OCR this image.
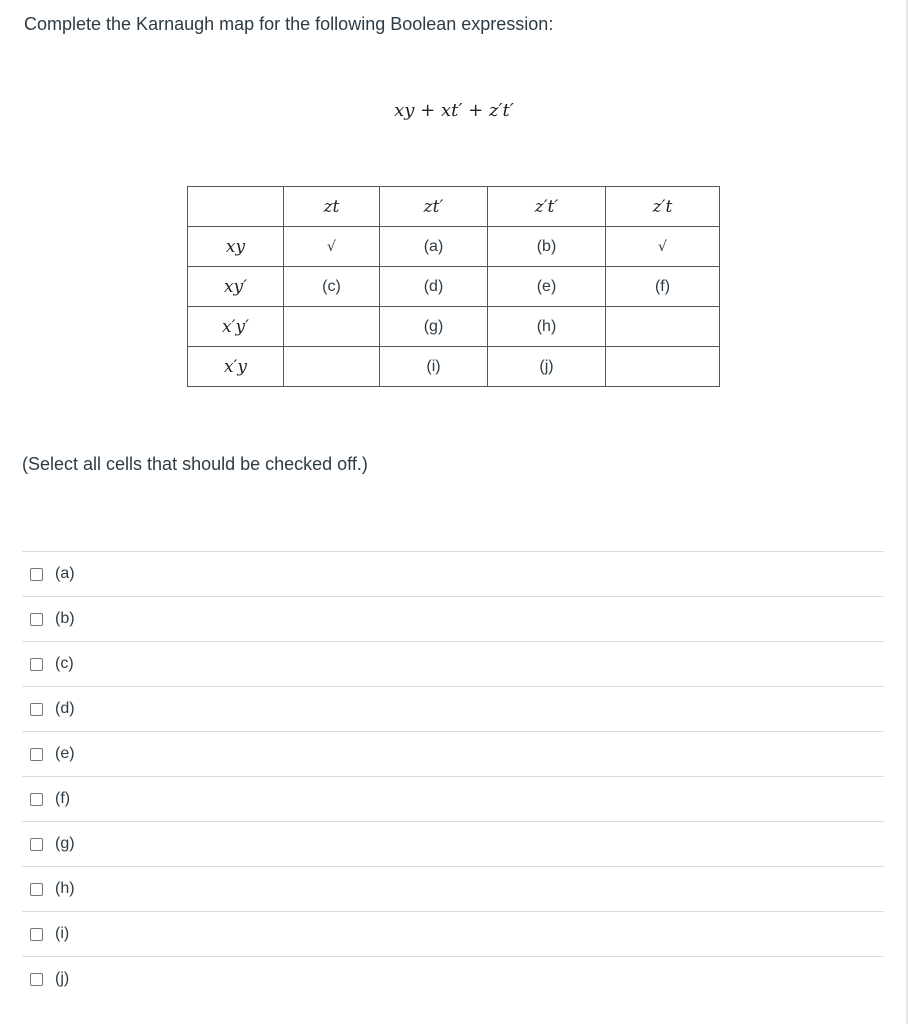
Complete the Karnaugh map for the following Boolean expression:
xy + xt′ + z′t′
	zt	zt′	z′t′	z′t
xy	√	(a)	(b)	√
xy′	(c)	(d)	(e)	(f)
x′y′		(g)	(h)	
x′y		(i)	(j)	
(Select all cells that should be checked off.)
(a)
(b)
(c)
(d)
(e)
(f)
(g)
(h)
(i)
(j)
